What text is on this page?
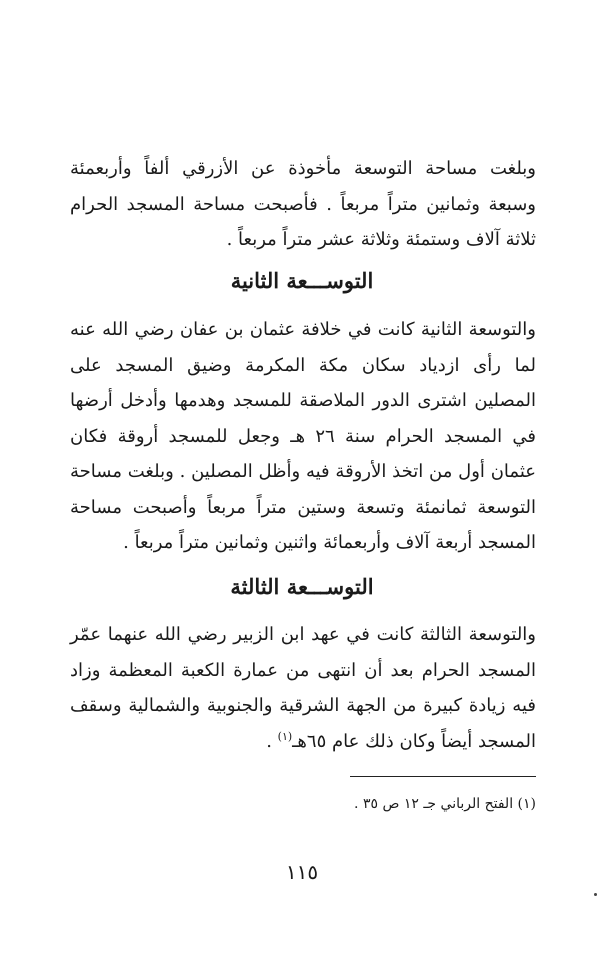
وبلغت مساحة التوسعة مأخوذة عن الأزرقي ألفاً وأربعمئة وسبعة وثمانين متراً مربعاً . فأصبحت مساحة المسجد الحرام ثلاثة آلاف وستمئة وثلاثة عشر متراً مربعاً .

التوســـعة الثانية

والتوسعة الثانية كانت في خلافة عثمان بن عفان رضي الله عنه لما رأى ازدياد سكان مكة المكرمة وضيق المسجد على المصلين اشترى الدور الملاصقة للمسجد وهدمها وأدخل أرضها في المسجد الحرام سنة ٢٦ هـ وجعل للمسجد أروقة فكان عثمان أول من اتخذ الأروقة فيه وأظل المصلين . وبلغت مساحة التوسعة ثمانمئة وتسعة وستين متراً مربعاً وأصبحت مساحة المسجد أربعة آلاف وأربعمائة واثنين وثمانين متراً مربعاً .

التوســـعة الثالثة

والتوسعة الثالثة كانت في عهد ابن الزبير رضي الله عنهما عمّر المسجد الحرام بعد أن انتهى من عمارة الكعبة المعظمة وزاد فيه زيادة كبيرة من الجهة الشرقية والجنوبية والشمالية وسقف المسجد أيضاً وكان ذلك عام ٦٥هـ$^{(١)}$ .

(١) الفتح الرباني جـ ١٢ ص ٣٥ .

١١٥
